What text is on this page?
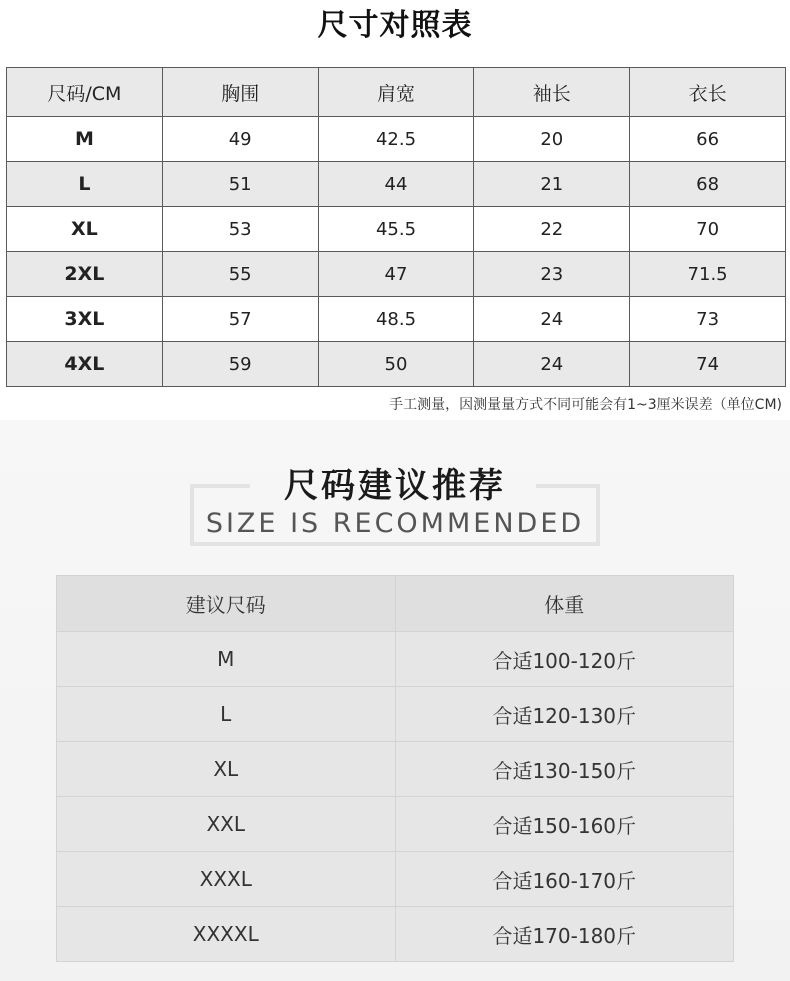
尺寸对照表
尺码/CM	胸围	肩宽	袖长	衣长
M	49	42.5	20	66
L	51	44	21	68
XL	53	45.5	22	70
2XL	55	47	23	71.5
3XL	57	48.5	24	73
4XL	59	50	24	74
手工测量，因测量量方式不同可能会有1~3厘米误差（单位CM)
尺码建议推荐
SIZE IS RECOMMENDED
建议尺码	体重
M	合适100-120斤
L	合适120-130斤
XL	合适130-150斤
XXL	合适150-160斤
XXXL	合适160-170斤
XXXXL	合适170-180斤
